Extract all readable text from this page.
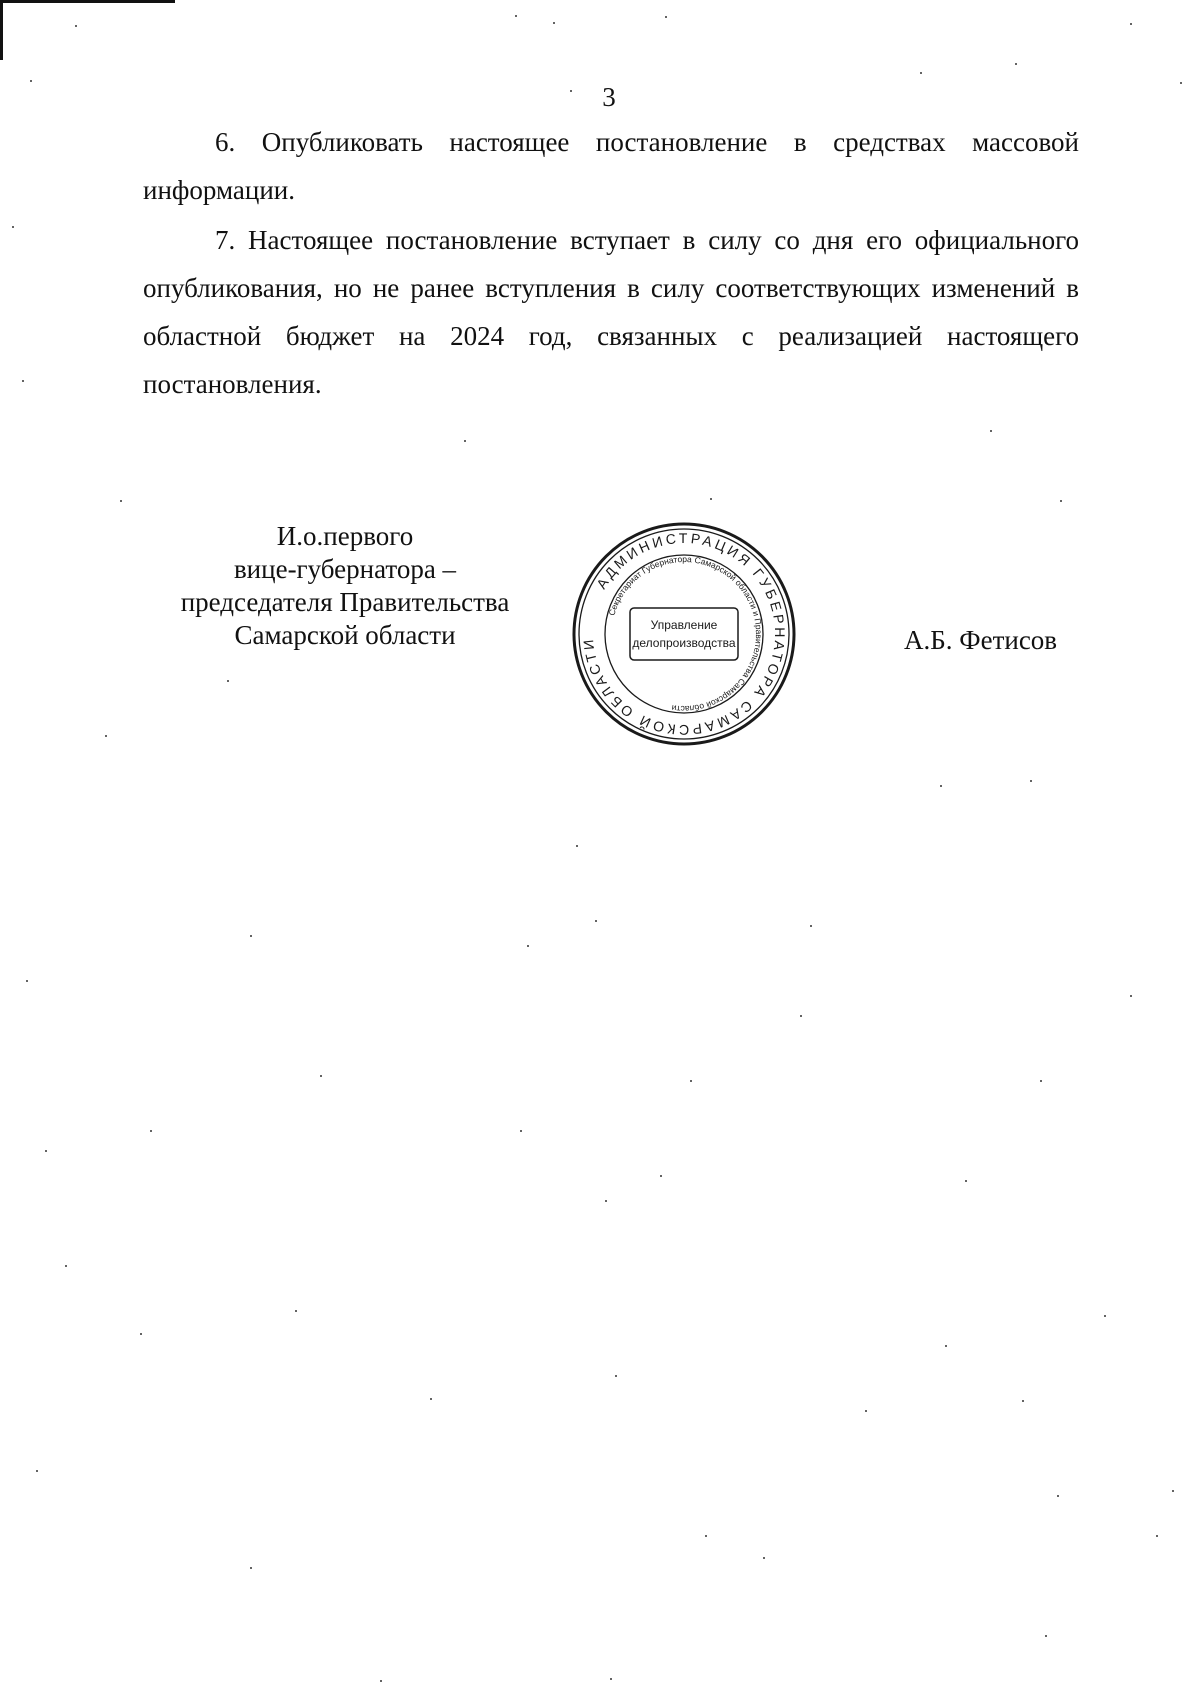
3

6. Опубликовать настоящее постановление в средствах массовой информации.

7. Настоящее постановление вступает в силу со дня его официального опубликования, но не ранее вступления в силу соответствующих изменений в областной бюджет на 2024 год, связанных с реализацией настоящего постановления.

И.о.первого
вице-губернатора –
председателя Правительства
Самарской области
АДМИНИСТРАЦИЯ ГУБЕРНАТОРА САМАРСКОЙ ОБЛАСТИ
Секретариат Губернатора Самарской области и Правительства Самарской области
Управление
делопроизводства	А.Б. Фетисов
